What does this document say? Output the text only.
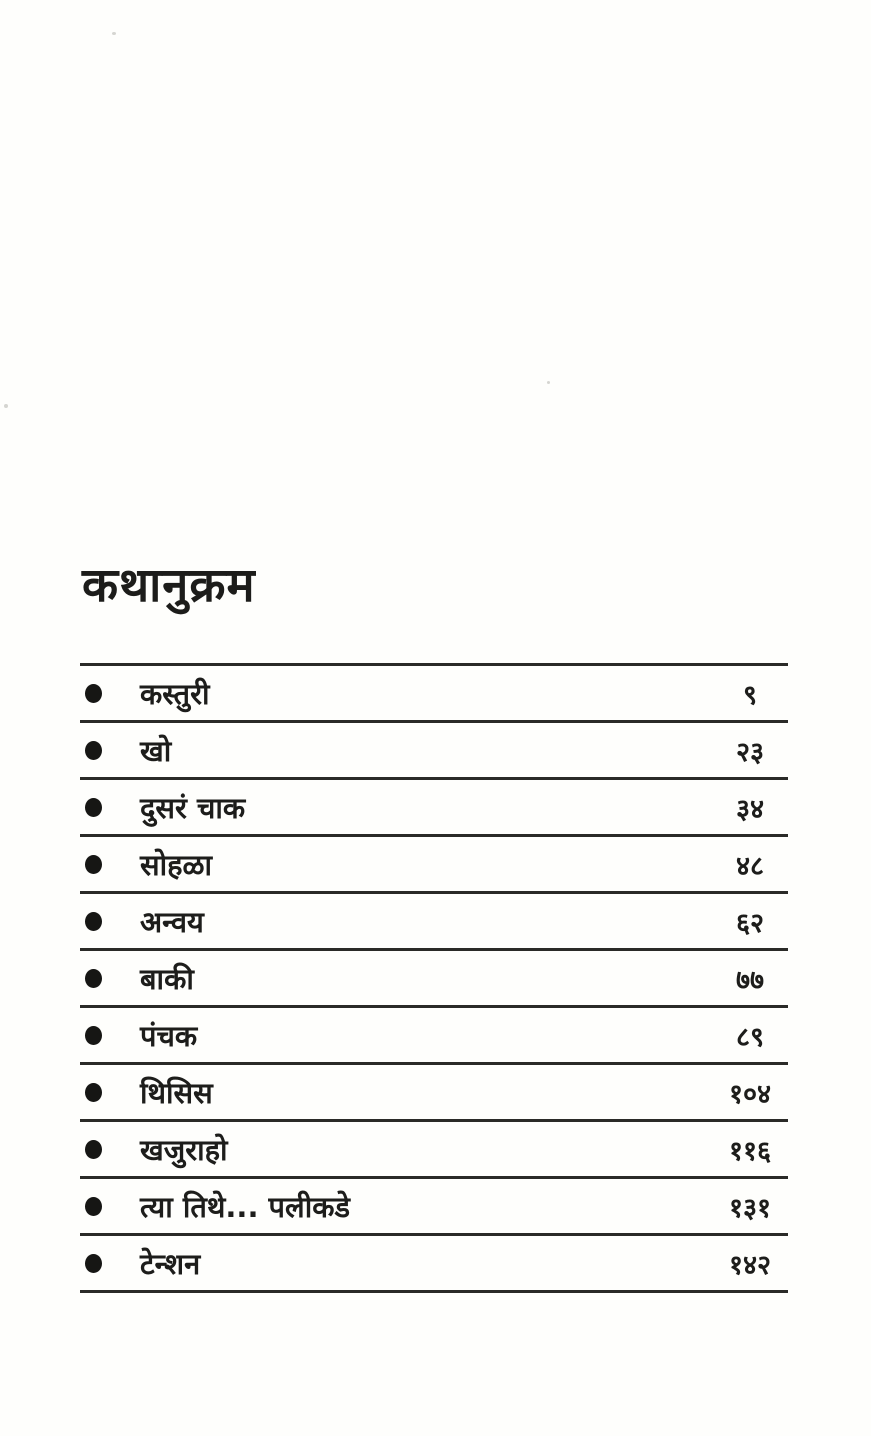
कथानुक्रम
कस्तुरी	९
खो	२३
दुसरं चाक	३४
सोहळा	४८
अन्वय	६२
बाकी	७७
पंचक	८९
थिसिस	१०४
खजुराहो	११६
त्या तिथे... पलीकडे	१३१
टेन्शन	१४२
